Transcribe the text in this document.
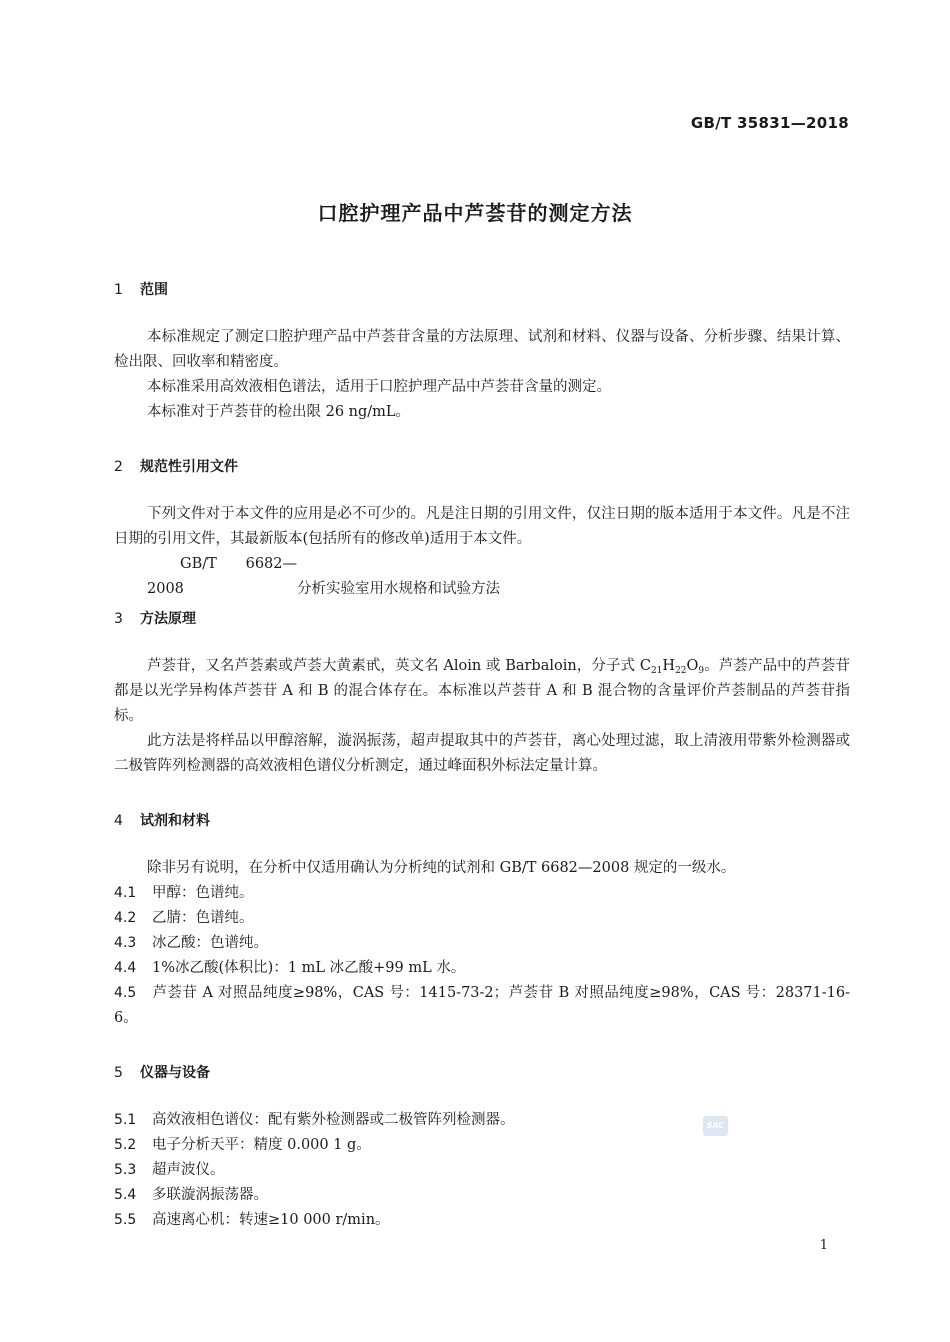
GB/T 35831—2018
口腔护理产品中芦荟苷的测定方法
1 范围
本标准规定了测定口腔护理产品中芦荟苷含量的方法原理、试剂和材料、仪器与设备、分析步骤、结果计算、检出限、回收率和精密度。
本标准采用高效液相色谱法，适用于口腔护理产品中芦荟苷含量的测定。
本标准对于芦荟苷的检出限 26 ng/mL。
2 规范性引用文件
下列文件对于本文件的应用是必不可少的。凡是注日期的引用文件，仅注日期的版本适用于本文件。凡是不注日期的引用文件，其最新版本(包括所有的修改单)适用于本文件。
GB/T 6682—2008	分析实验室用水规格和试验方法
3 方法原理
芦荟苷，又名芦荟素或芦荟大黄素甙，英文名 Aloin 或 Barbaloin，分子式 $C_{21}H_{22}O_9$。芦荟产品中的芦荟苷都是以光学异构体芦荟苷 A 和 B 的混合体存在。本标准以芦荟苷 A 和 B 混合物的含量评价芦荟制品的芦荟苷指标。
此方法是将样品以甲醇溶解，漩涡振荡，超声提取其中的芦荟苷，离心处理过滤，取上清液用带紫外检测器或二极管阵列检测器的高效液相色谱仪分析测定，通过峰面积外标法定量计算。
4 试剂和材料
除非另有说明，在分析中仅适用确认为分析纯的试剂和 GB/T 6682—2008 规定的一级水。
4.1 甲醇：色谱纯。
4.2 乙腈：色谱纯。
4.3 冰乙酸：色谱纯。
4.4 1%冰乙酸(体积比)：1 mL 冰乙酸+99 mL 水。
4.5 芦荟苷 A 对照品纯度≥98%，CAS 号：1415-73-2；芦荟苷 B 对照品纯度≥98%，CAS 号：28371-16-6。
5 仪器与设备
5.1 高效液相色谱仪：配有紫外检测器或二极管阵列检测器。
5.2 电子分析天平：精度 0.000 1 g。
5.3 超声波仪。
5.4 多联漩涡振荡器。
5.5 高速离心机：转速≥10 000 r/min。
SAC
1
